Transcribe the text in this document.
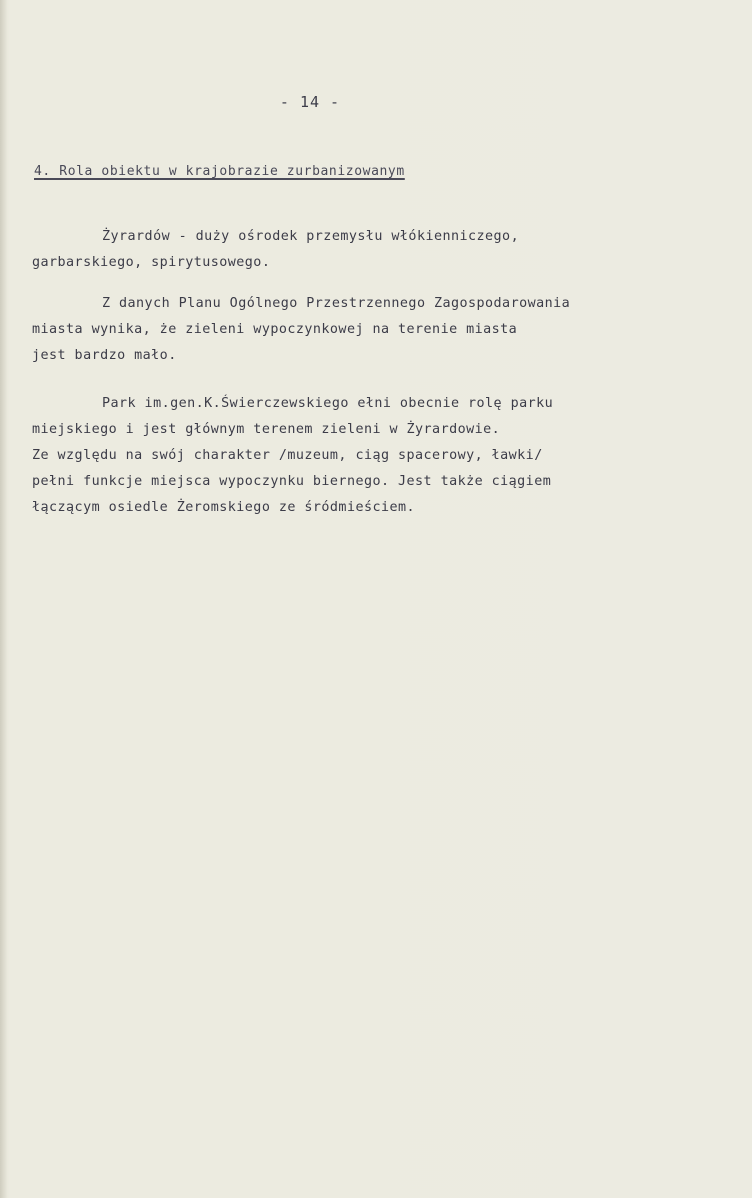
- 14 -
4. Rola obiektu w krajobrazie zurbanizowanym
Żyrardów - duży ośrodek przemysłu włókienniczego,
garbarskiego, spirytusowego.
Z danych Planu Ogólnego Przestrzennego Zagospodarowania
miasta wynika, że zieleni wypoczynkowej na terenie miasta
jest bardzo mało.
Park im.gen.K.Świerczewskiego ełni obecnie rolę parku
miejskiego i jest głównym terenem zieleni w Żyrardowie.
Ze względu na swój charakter /muzeum, ciąg spacerowy, ławki/
pełni funkcje miejsca wypoczynku biernego. Jest także ciągiem
łączącym osiedle Żeromskiego ze śródmieściem.
